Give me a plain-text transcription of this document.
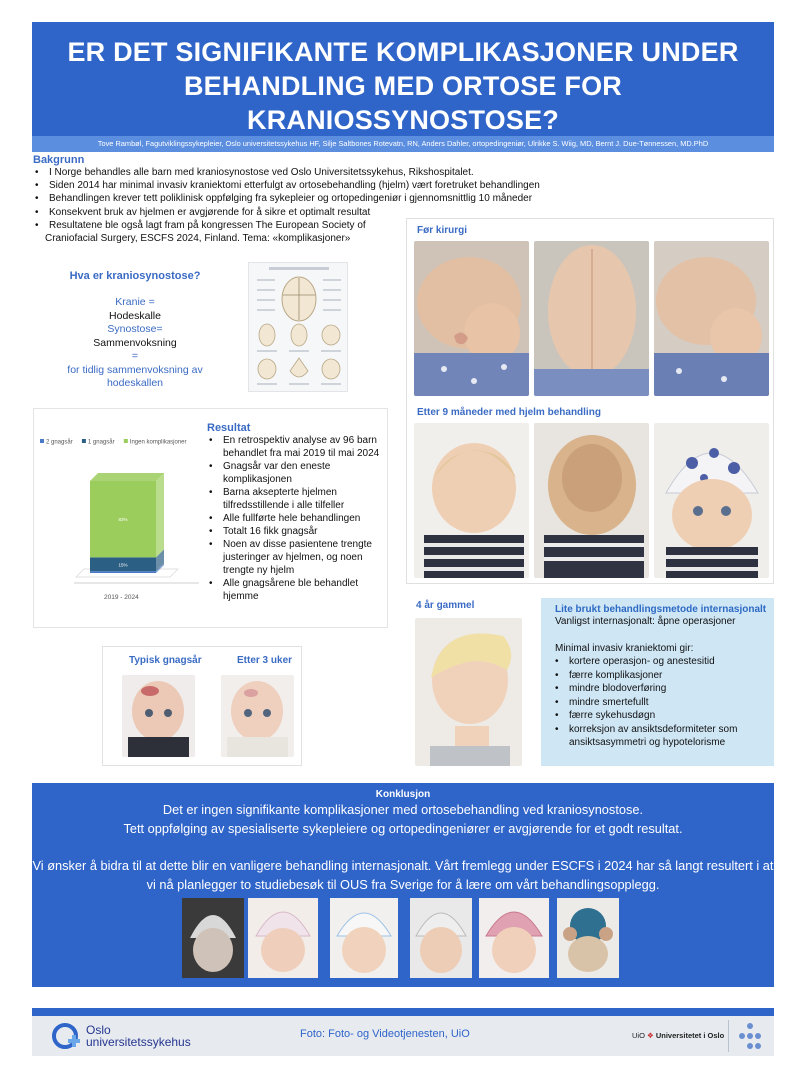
ER DET SIGNIFIKANTE KOMPLIKASJONER UNDER
BEHANDLING MED ORTOSE FOR KRANIOSSYNOSTOSE?
Tove Rambøl, Fagutviklingssykepleier, Oslo universitetssykehus HF, Silje Saltbones Rotevatn, RN, Anders Dahler, ortopedingeniør, Ulrikke S. Wiig, MD, Bernt J. Due-Tønnessen, MD.PhD
Bakgrunn
• I Norge behandles alle barn med kraniosynostose ved Oslo Universitetssykehus, Rikshospitalet.
• Siden 2014 har minimal invasiv kraniektomi etterfulgt av ortosebehandling (hjelm) vært foretruket behandlingen
• Behandlingen krever tett poliklinisk oppfølging fra sykepleier og ortopedingeniør i gjennomsnittlig 10 måneder
• Konsekvent bruk av hjelmen er avgjørende for å sikre et optimalt resultat
• Resultatene ble også lagt fram på kongressen The European Society of
Craniofacial Surgery, ESCFS 2024, Finland. Tema: «komplikasjoner»
Hva er kraniosynostose?
Kranie =
Hodeskalle
Synostose=
Sammenvoksning
=
for tidlig sammenvoksning av
hodeskallen
2 gnagsår	1 gnagsår	Ingen komplikasjoner
15%
83%
2019 - 2024
Resultat
• En retrospektiv analyse av 96 barn behandlet fra mai 2019 til mai 2024
• Gnagsår var den eneste komplikasjonen
• Barna aksepterte hjelmen tilfredsstillende i alle tilfeller
• Alle fullførte hele behandlingen
• Totalt 16 fikk gnagsår
• Noen av disse pasientene trengte justeringer av hjelmen, og noen trengte ny hjelm
• Alle gnagsårene ble behandlet hjemme
Før kirurgi
Etter 9 måneder med hjelm behandling
4 år gammel	Lite brukt behandlingsmetode internasjonalt
Vanligst internasjonalt: åpne operasjoner
Minimal invasiv kraniektomi gir:
• kortere operasjon- og anestesitid
• færre komplikasjoner
• mindre blodoverføring
• mindre smertefullt
• færre sykehusdøgn
• korreksjon av ansiktsdeformiteter som ansiktsasymmetri og hypotelorisme
Typisk gnagsår	Etter 3 uker
Konklusjon
Det er ingen signifikante komplikasjoner med ortosebehandling ved kraniosynostose.
Tett oppfølging av spesialiserte sykepleiere og ortopedingeniører er avgjørende for et godt resultat.
Vi ønsker å bidra til at dette blir en vanligere behandling internasjonalt. Vårt fremlegg under ESCFS i 2024 har så langt resultert i at
vi nå planlegger to studiebesøk til OUS fra Sverige for å lære om vårt behandlingsopplegg.
Oslo
universitetssykehus
Foto: Foto- og Videotjenesten, UiO	UiO ❖ Universitetet i Oslo
